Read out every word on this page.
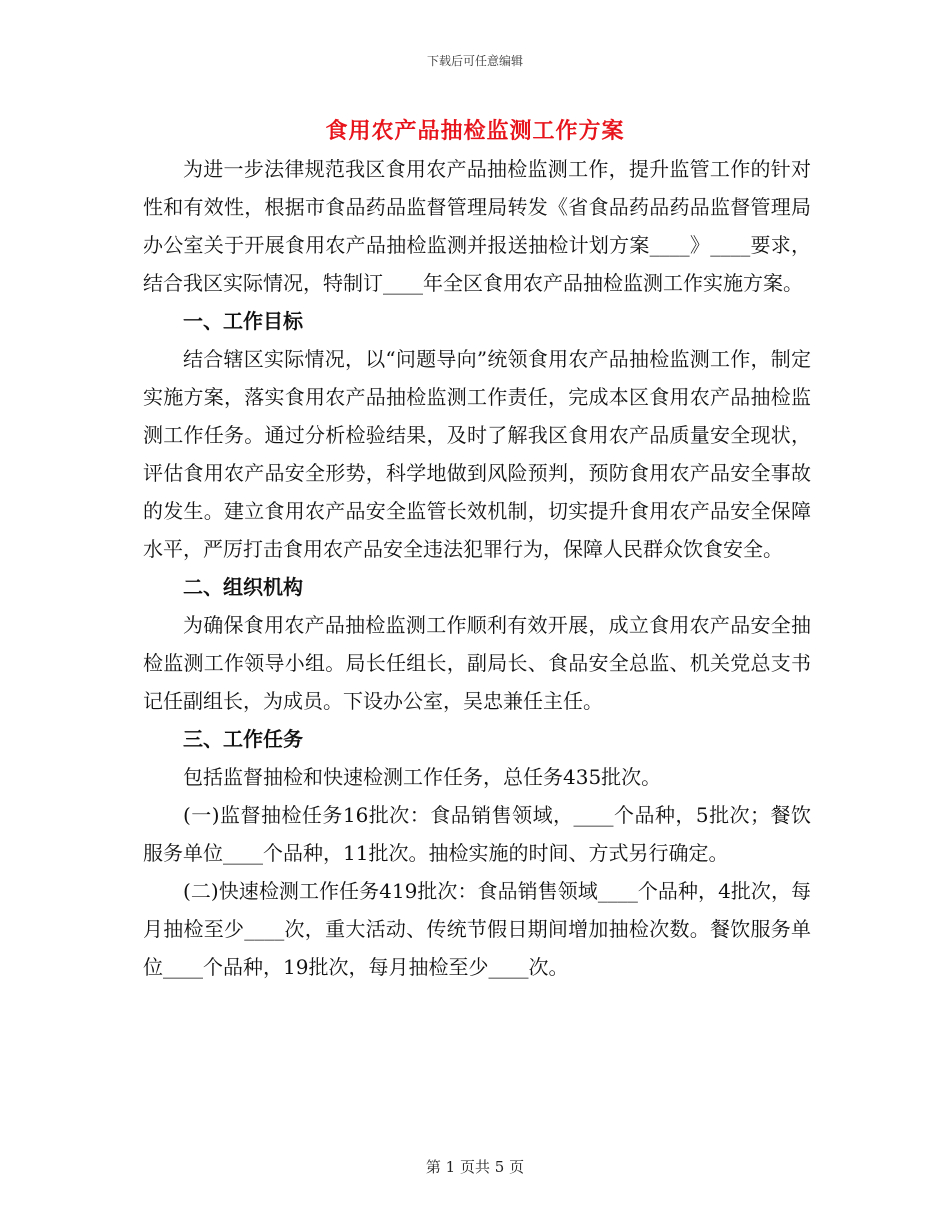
下载后可任意编辑
食用农产品抽检监测工作方案

为进一步法律规范我区食用农产品抽检监测工作，提升监管工作的针对性和有效性，根据市食品药品监督管理局转发《省食品药品药品监督管理局办公室关于开展食用农产品抽检监测并报送抽检计划方案____》____要求，结合我区实际情况，特制订____年全区食用农产品抽检监测工作实施方案。

一、工作目标

结合辖区实际情况，以“问题导向”统领食用农产品抽检监测工作，制定实施方案，落实食用农产品抽检监测工作责任，完成本区食用农产品抽检监测工作任务。通过分析检验结果，及时了解我区食用农产品质量安全现状，评估食用农产品安全形势，科学地做到风险预判，预防食用农产品安全事故的发生。建立食用农产品安全监管长效机制，切实提升食用农产品安全保障水平，严厉打击食用农产品安全违法犯罪行为，保障人民群众饮食安全。

二、组织机构

为确保食用农产品抽检监测工作顺利有效开展，成立食用农产品安全抽检监测工作领导小组。局长任组长，副局长、食品安全总监、机关党总支书记任副组长，为成员。下设办公室，吴忠兼任主任。

三、工作任务

包括监督抽检和快速检测工作任务，总任务435批次。

(一)监督抽检任务16批次：食品销售领域，____个品种，5批次；餐饮服务单位____个品种，11批次。抽检实施的时间、方式另行确定。

(二)快速检测工作任务419批次：食品销售领域____个品种，4批次，每月抽检至少____次，重大活动、传统节假日期间增加抽检次数。餐饮服务单位____个品种，19批次，每月抽检至少____次。

第 1 页共 5 页
